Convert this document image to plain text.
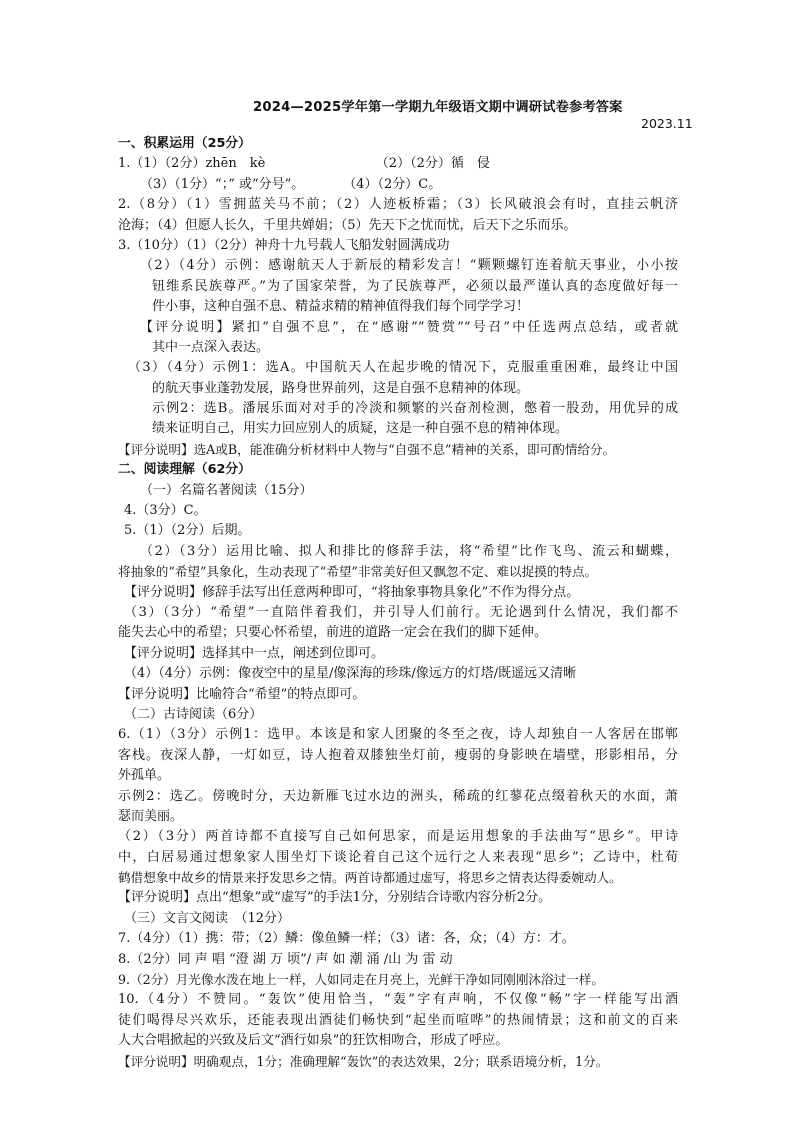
2024—2025学年第一学期九年级语文期中调研试卷参考答案
2023.11
一、积累运用（25分）
1.（1）（2分）zhēn　kè　　　　　　　　　（2）（2分）循　侵
（3）（1分）“；” 或“分号”。　　　　（4）（2分）C。
2.（8分）（1）雪拥蓝关马不前；（2）人迹板桥霜；（3）长风破浪会有时，直挂云帆济
沧海；（4）但愿人长久，千里共婵娟；（5）先天下之忧而忧，后天下之乐而乐。
3.（10分）（1）（2分）神舟十九号载人飞船发射圆满成功
（2）（4分）示例：感谢航天人于新辰的精彩发言！“颗颗螺钉连着航天事业，小小按
钮维系民族尊严。”为了国家荣誉，为了民族尊严，必须以最严谨认真的态度做好每一
件小事，这种自强不息、精益求精的精神值得我们每个同学学习！
【评分说明】紧扣“自强不息”，在“感谢”“赞赏”“号召”中任选两点总结，或者就
其中一点深入表达。
（3）（4分）示例1：选A。中国航天人在起步晚的情况下，克服重重困难，最终让中国
的航天事业蓬勃发展，路身世界前列，这是自强不息精神的体现。
示例2：选B。潘展乐面对对手的冷淡和频繁的兴奋剂检测，憋着一股劲，用优异的成
绩来证明自己，用实力回应别人的质疑，这是一种自强不息的精神体现。
【评分说明】选A或B，能准确分析材料中人物与“自强不息”精神的关系，即可酌情给分。
二、阅读理解（62分）
（一）名篇名著阅读（15分）
4.（3分）C。
5.（1）（2分）后期。
（2）（3分）运用比喻、拟人和排比的修辞手法，将“希望”比作飞鸟、流云和蝴蝶，
将抽象的“希望”具象化，生动表现了“希望”非常美好但又飘忽不定、难以捉摸的特点。
【评分说明】修辞手法写出任意两种即可，“将抽象事物具象化”不作为得分点。
（3）（3分）“希望”一直陪伴着我们，并引导人们前行。无论遇到什么情况，我们都不
能失去心中的希望；只要心怀希望，前进的道路一定会在我们的脚下延伸。
【评分说明】选择其中一点，阐述到位即可。
（4）（4分）示例：像夜空中的星星/像深海的珍珠/像远方的灯塔/既遥远又清晰
【评分说明】比喻符合“希望”的特点即可。
（二）古诗阅读（6分）
6.（1）（3分）示例1：选甲。本该是和家人团聚的冬至之夜，诗人却独自一人客居在邯郸
客栈。夜深人静，一灯如豆，诗人抱着双膝独坐灯前，瘦弱的身影映在墙壁，形影相吊，分
外孤单。
示例2：选乙。傍晚时分，天边新雁飞过水边的洲头，稀疏的红蓼花点缀着秋天的水面，萧
瑟而美丽。
（2）（3分）两首诗都不直接写自己如何思家，而是运用想象的手法曲写“思乡”。甲诗
中，白居易通过想象家人围坐灯下谈论着自己这个远行之人来表现“思乡”；乙诗中，杜荀
鹤借想象中故乡的情景来抒发思乡之情。两首诗都通过虚写，将思乡之情表达得委婉动人。
【评分说明】点出“想象”或“虚写”的手法1分，分别结合诗歌内容分析2分。
（三）文言文阅读　（12分）
7.（4分）（1）携：带；（2）鳞：像鱼鳞一样；（3）诸：各，众；（4）方：才。
8.（2分）同 声 唱 “澄 湖 万 顷”/ 声 如 潮 涌 /山 为 雷 动
9.（2分）月光像水泼在地上一样，人如同走在月亮上，光鲜干净如同刚刚沐浴过一样。
10.（4分）不赞同。“轰饮”使用恰当，“轰”字有声响，不仅像“畅”字一样能写出酒
徒们喝得尽兴欢乐，还能表现出酒徒们畅快到“起坐而喧哗”的热闹情景；这和前文的百来
人大合唱掀起的兴致及后文“酒行如泉”的狂饮相吻合，形成了呼应。
【评分说明】明确观点，1分；准确理解“轰饮”的表达效果，2分；联系语境分析，1分。
